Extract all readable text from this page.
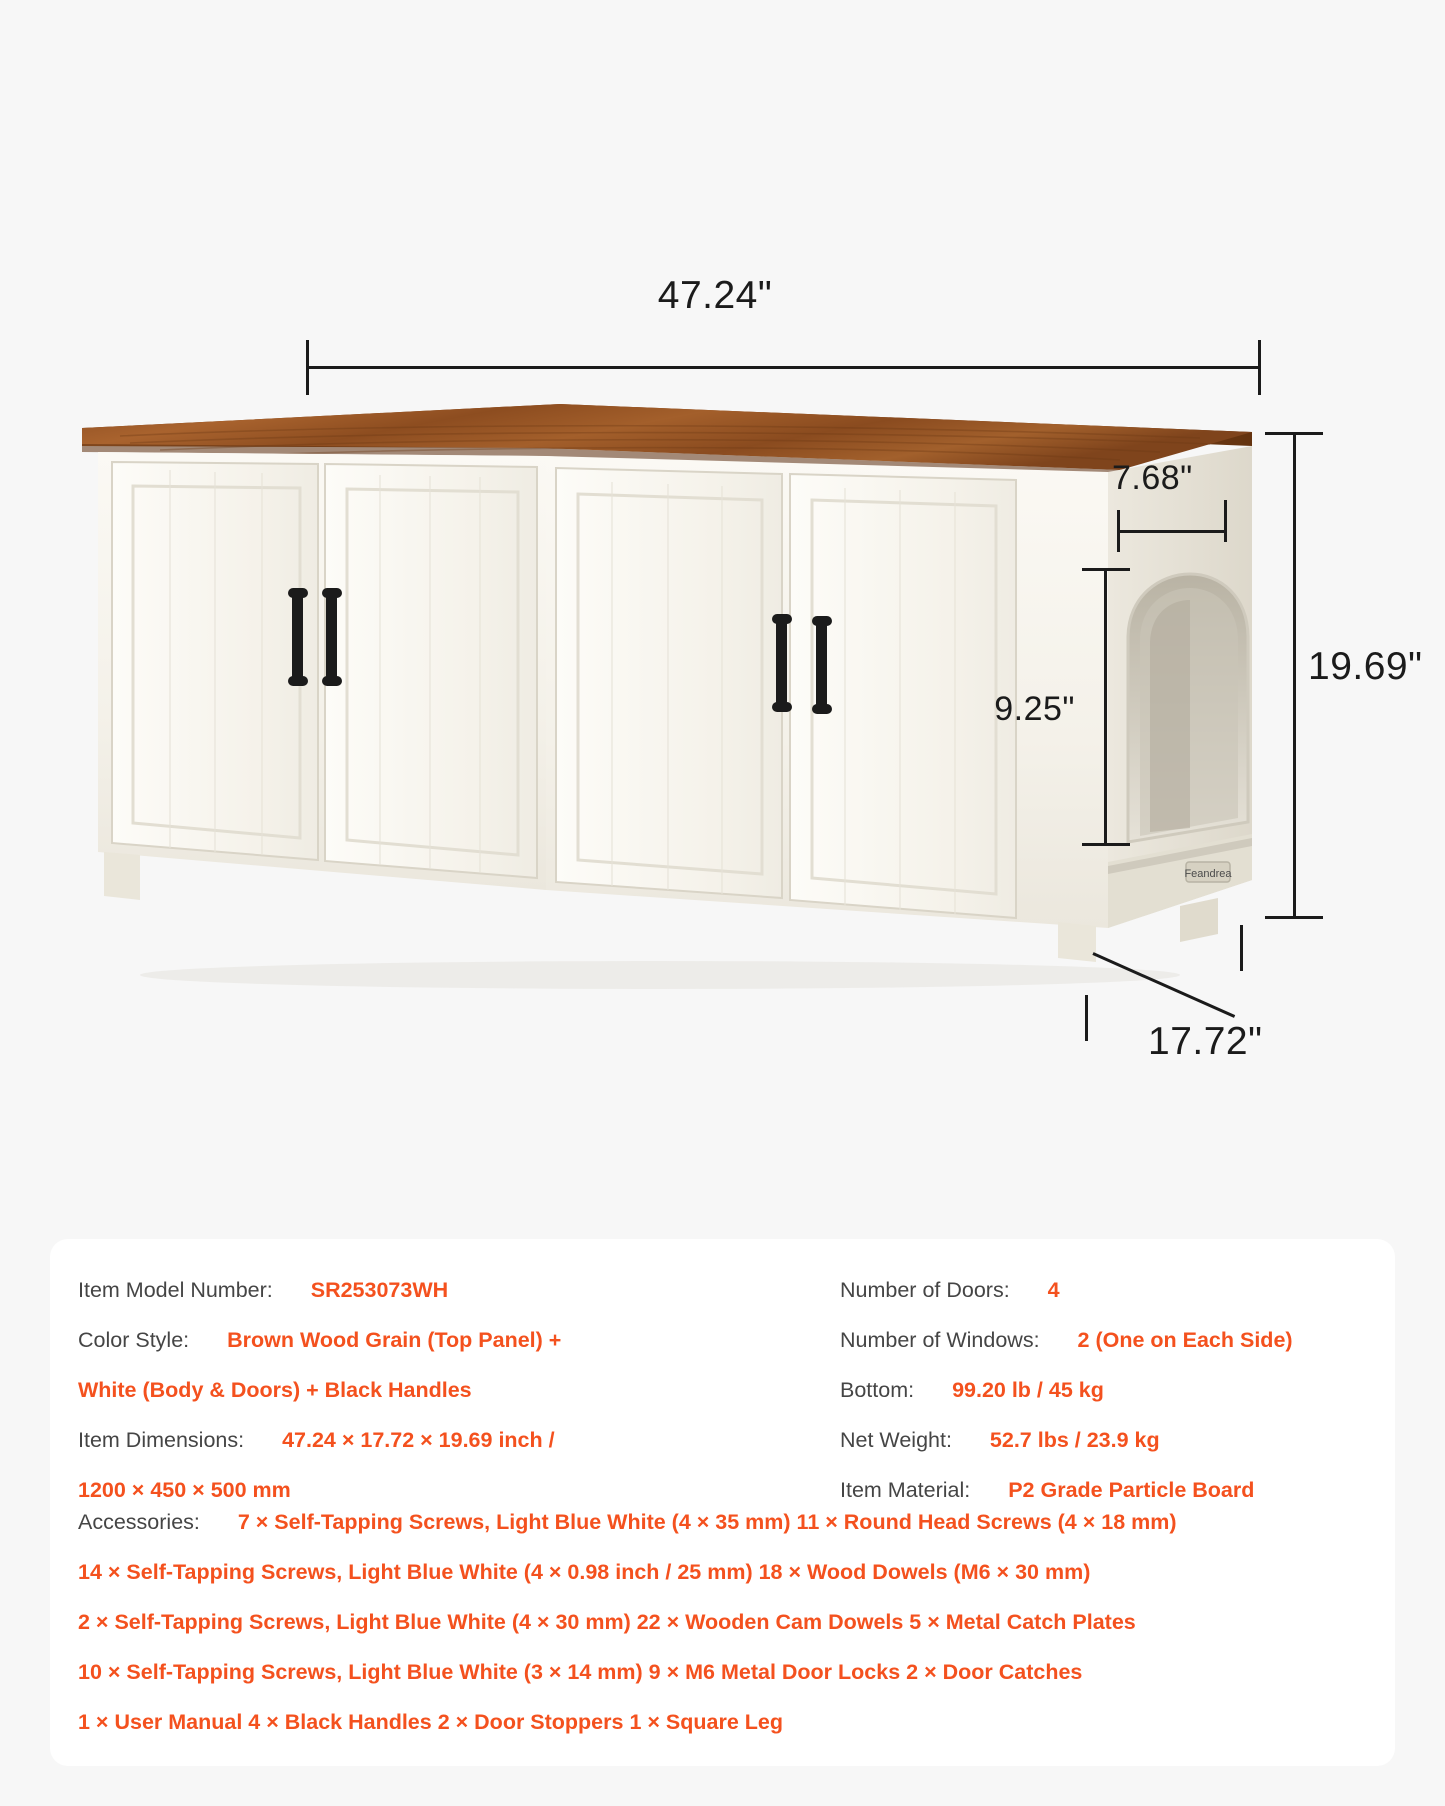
Feandrea
47.24"
19.69"
17.72"
7.68"
9.25"
Item Model Number: SR253073WH
Color Style: Brown Wood Grain (Top Panel) +
White (Body & Doors) + Black Handles
Item Dimensions: 47.24 × 17.72 × 19.69 inch /
1200 × 450 × 500 mm
Number of Doors: 4
Number of Windows: 2 (One on Each Side)
Bottom: 99.20 lb / 45 kg
Net Weight: 52.7 lbs / 23.9 kg
Item Material: P2 Grade Particle Board
Accessories: 7 × Self-Tapping Screws, Light Blue White (4 × 35 mm) 11 × Round Head Screws (4 × 18 mm)
14 × Self-Tapping Screws, Light Blue White (4 × 0.98 inch / 25 mm) 18 × Wood Dowels (M6 × 30 mm)
2 × Self-Tapping Screws, Light Blue White (4 × 30 mm) 22 × Wooden Cam Dowels 5 × Metal Catch Plates
10 × Self-Tapping Screws, Light Blue White (3 × 14 mm) 9 × M6 Metal Door Locks 2 × Door Catches
1 × User Manual 4 × Black Handles 2 × Door Stoppers 1 × Square Leg
